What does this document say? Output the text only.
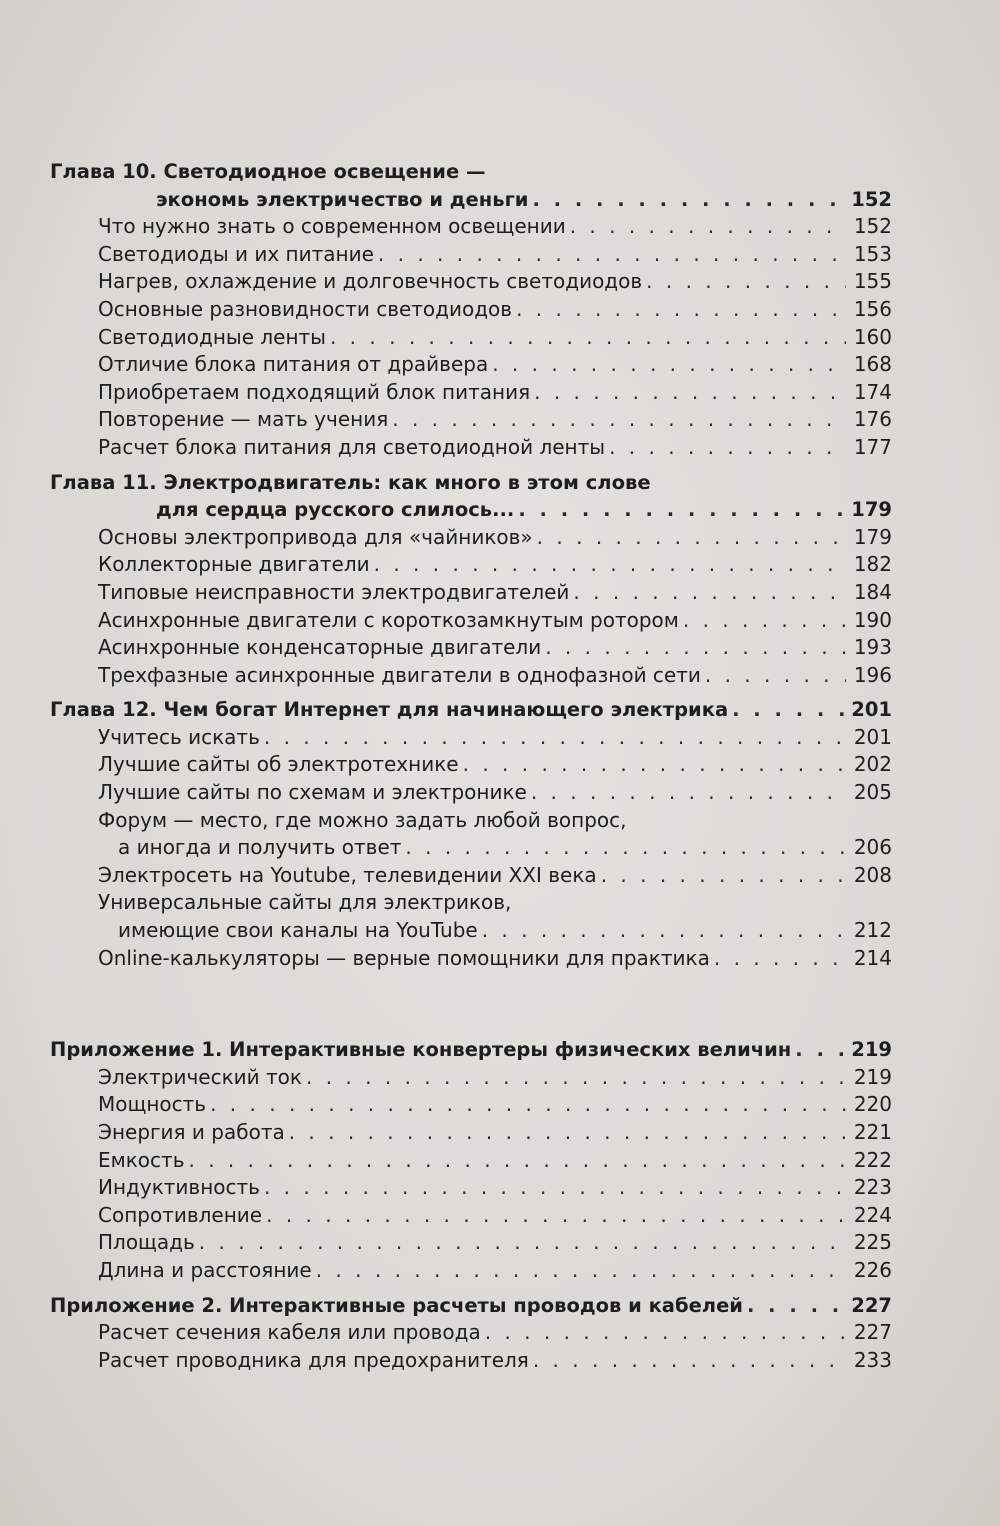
Глава 10. Светодиодное освещение —
экономь электричество и деньги . . .	152
Что нужно знать о современном освещении . . .	152
Светодиоды и их питание . . .	153
Нагрев, охлаждение и долговечность светодиодов . . .	155
Основные разновидности светодиодов . . .	156
Светодиодные ленты . . .	160
Отличие блока питания от драйвера . . .	168
Приобретаем подходящий блок питания . . .	174
Повторение — мать учения . . .	176
Расчет блока питания для светодиодной ленты . . .	177
Глава 11. Электродвигатель: как много в этом слове
для сердца русского слилось... . . .	179
Основы электропривода для «чайников» . . .	179
Коллекторные двигатели . . .	182
Типовые неисправности электродвигателей . . .	184
Асинхронные двигатели с короткозамкнутым ротором . . .	190
Асинхронные конденсаторные двигатели . . .	193
Трехфазные асинхронные двигатели в однофазной сети . . .	196
Глава 12. Чем богат Интернет для начинающего электрика . . .	201
Учитесь искать . . .	201
Лучшие сайты об электротехнике . . .	202
Лучшие сайты по схемам и электронике . . .	205
Форум — место, где можно задать любой вопрос,
а иногда и получить ответ . . .	206
Электросеть на Youtube, телевидении XXI века . . .	208
Универсальные сайты для электриков,
имеющие свои каналы на YouTube . . .	212
Online-калькуляторы — верные помощники для практика . . .	214
Приложение 1. Интерактивные конвертеры физических величин . . .	219
Электрический ток . . .	219
Мощность . . .	220
Энергия и работа . . .	221
Емкость . . .	222
Индуктивность . . .	223
Сопротивление . . .	224
Площадь . . .	225
Длина и расстояние . . .	226
Приложение 2. Интерактивные расчеты проводов и кабелей . . .	227
Расчет сечения кабеля или провода . . .	227
Расчет проводника для предохранителя . . .	233
